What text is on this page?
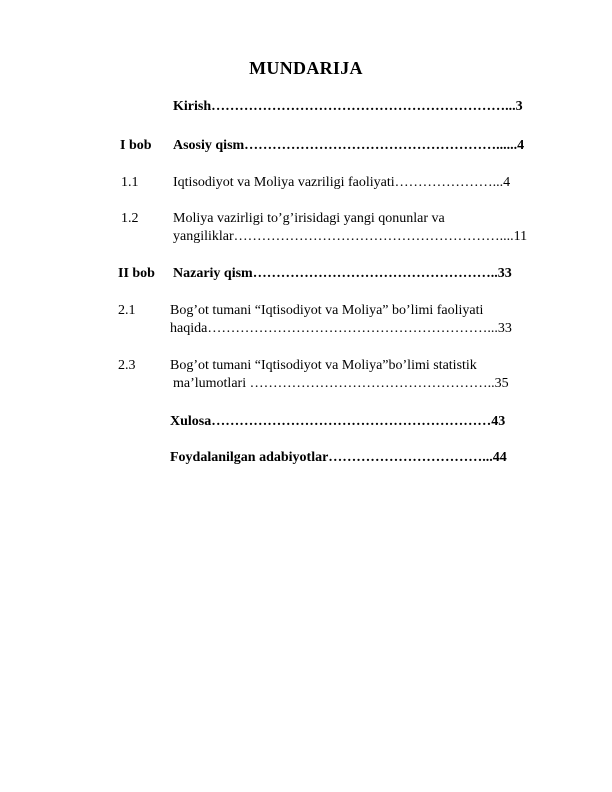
MUNDARIJA
Kirish………………………………………………………...3
I bob Asosiy qism………………………………………………......4
1.1 Iqtisodiyot va Moliya vazriligi faoliyati…………………...4
1.2 Moliya vazirligi to’g’irisidagi yangi qonunlar va
yangiliklar…………………………………………………....11
II bob Nazariy qism……………………………………………..33
2.1 Bog’ot tumani “Iqtisodiyot va Moliya” bo’limi faoliyati
haqida……………………………………………………...33
2.3 Bog’ot tumani “Iqtisodiyot va Moliya”bo’limi statistik
ma’lumotlari ……………………………………………..35
Xulosa……………………………………………………43
Foydalanilgan adabiyotlar……………………………...44
